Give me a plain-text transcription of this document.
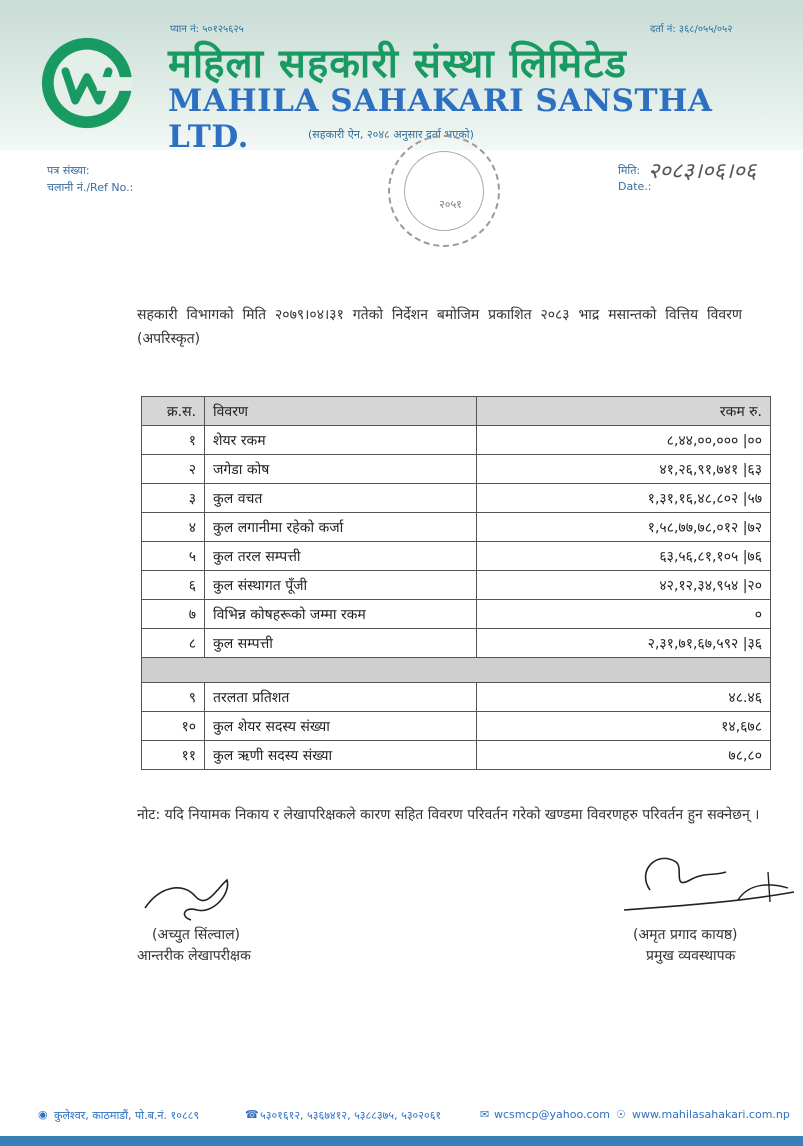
प्यान नं: ५०१२५६२५	दर्ता नं: ३६८/०५५/०५२
महिला सहकारी संस्था लिमिटेड
MAHILA SAHAKARI SANSTHA LTD.	(सहकारी ऐन, २०४८ अनुसार दर्ता भएको)
पत्र संख्या:
चलानी नं./Ref No.:
मिति:
Date.:
२०८३।०६।०६
२०५१
सहकारी विभागको मिति २०७९।०४।३१ गतेको निर्देशन बमोजिम प्रकाशित २०८३ भाद्र मसान्तको वित्तिय विवरण (अपरिस्कृत)
क्र.स.	विवरण	रकम रु.
१	शेयर रकम	८,४४,००,००० |००
२	जगेडा कोष	४१,२६,९१,७४१ |६३
३	कुल वचत	१,३१,१६,४८,८०२ |५७
४	कुल लगानीमा रहेको कर्जा	१,५८,७७,७८,०१२ |७२
५	कुल तरल सम्पत्ती	६३,५६,८१,१०५ |७६
६	कुल संस्थागत पूँजी	४२,१२,३४,९५४ |२०
७	विभिन्न कोषहरूको जम्मा रकम	०
८	कुल सम्पत्ती	२,३१,७१,६७,५९२ |३६

९	तरलता प्रतिशत	४८.४६
१०	कुल शेयर सदस्य संख्या	१४,६७८
११	कुल ऋणी सदस्य संख्या	७८,८०
नोट: यदि नियामक निकाय र लेखापरिक्षकले कारण सहित विवरण परिवर्तन गरेको खण्डमा विवरणहरु परिवर्तन हुन सक्नेछन् ।
(अच्युत सिंल्वाल)
आन्तरीक लेखापरीक्षक
(अमृत प्रगाद कायष्ठ)
प्रमुख व्यवस्थापक
◉ कुलेश्वर, काठमाडौं, पो.ब.नं. १०८८९	☎ ५३०१६१२, ५३६७४१२, ५३८८३७५, ५३०२०६१	✉ wcsmcp@yahoo.com ☉ www.mahilasahakari.com.np
